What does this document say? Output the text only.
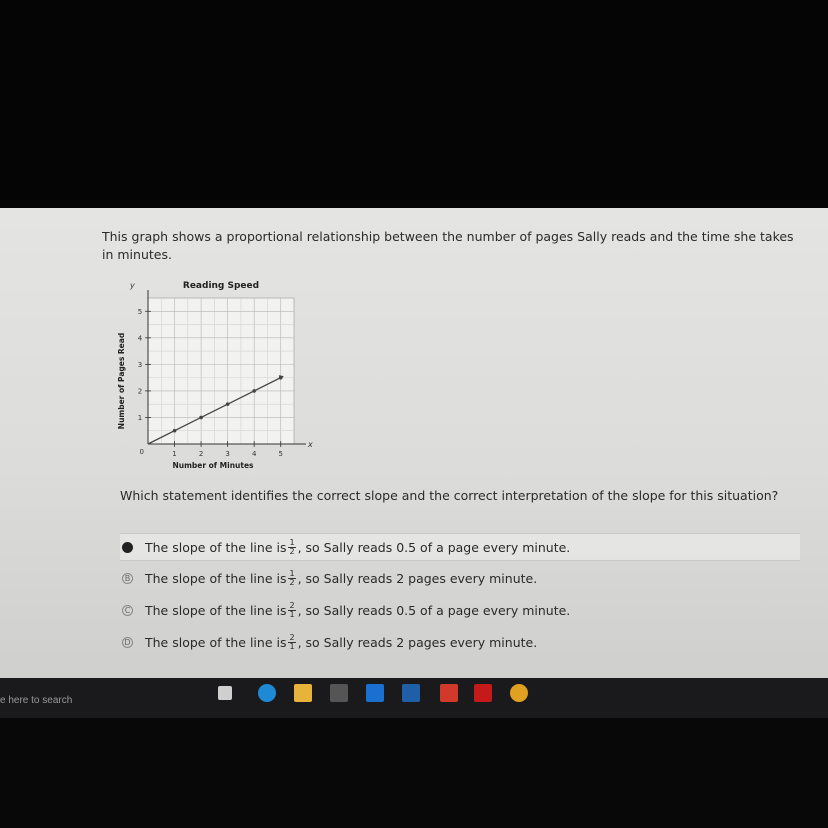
This graph shows a proportional relationship between the number of pages Sally reads and the time she takes in minutes.
x
y
1	2	3	4	5
1
2
3
4
5
0
Reading Speed
Number of Minutes
Number of Pages Read
Which statement identifies the correct slope and the correct interpretation of the slope for this situation?
The slope of the line is $\frac{1}{2}$ , so Sally reads 0.5 of a page every minute.
B The slope of the line is $\frac{1}{2}$ , so Sally reads 2 pages every minute.
C The slope of the line is $\frac{2}{1}$ , so Sally reads 0.5 of a page every minute.
D The slope of the line is $\frac{2}{1}$ , so Sally reads 2 pages every minute.
e here to search
